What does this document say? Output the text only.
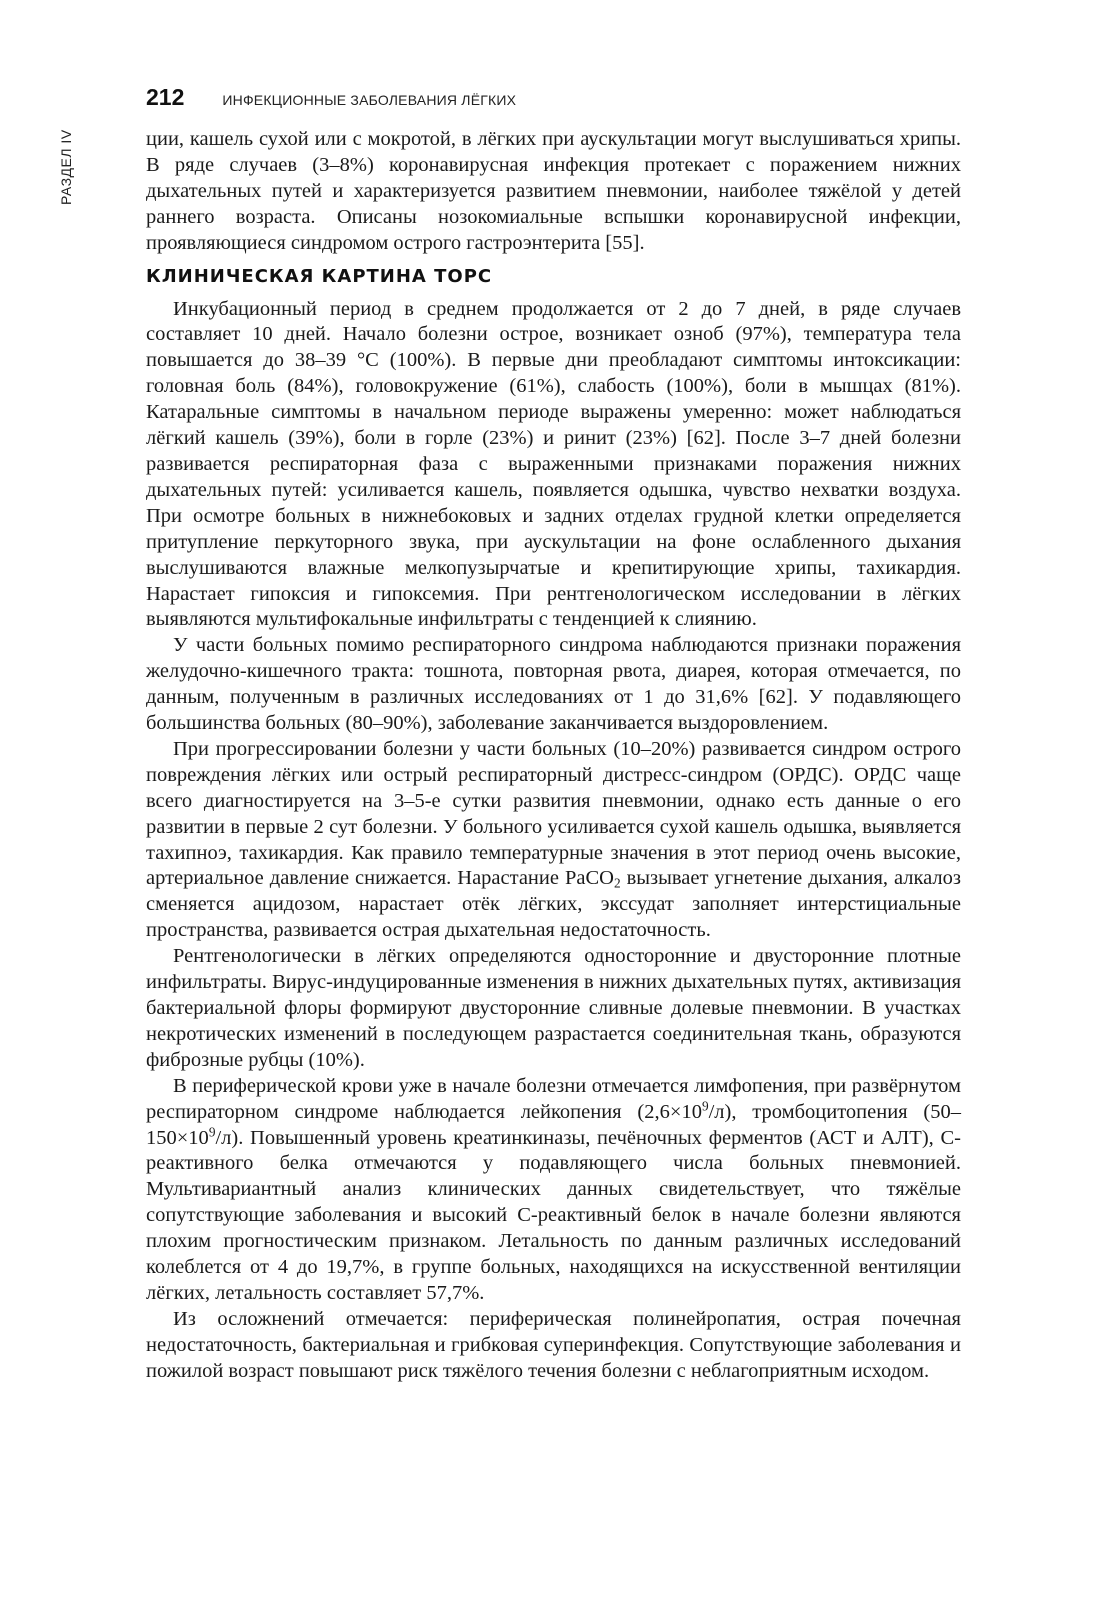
РАЗДЕЛ IV
212	ИНФЕКЦИОННЫЕ ЗАБОЛЕВАНИЯ ЛЁГКИХ

ции, кашель сухой или с мокротой, в лёгких при аускультации могут выслушиваться хрипы. В ряде случаев (3–8%) коронавирусная инфекция протекает с поражением нижних дыхательных путей и характеризуется развитием пневмонии, наиболее тяжёлой у детей раннего возраста. Описаны нозокомиальные вспышки коронавирусной инфекции, проявляющиеся синдромом острого гастроэнтерита [55].

КЛИНИЧЕСКАЯ КАРТИНА ТОРС

Инкубационный период в среднем продолжается от 2 до 7 дней, в ряде случаев составляет 10 дней. Начало болезни острое, возникает озноб (97%), температура тела повышается до 38–39 °C (100%). В первые дни преобладают симптомы интоксикации: головная боль (84%), головокружение (61%), слабость (100%), боли в мышцах (81%). Катаральные симптомы в начальном периоде выражены умеренно: может наблюдаться лёгкий кашель (39%), боли в горле (23%) и ринит (23%) [62]. После 3–7 дней болезни развивается респираторная фаза с выраженными признаками поражения нижних дыхательных путей: усиливается кашель, появляется одышка, чувство нехватки воздуха. При осмотре больных в нижнебоковых и задних отделах грудной клетки определяется притупление перкуторного звука, при аускультации на фоне ослабленного дыхания выслушиваются влажные мелкопузырчатые и крепитирующие хрипы, тахикардия. Нарастает гипоксия и гипоксемия. При рентгенологическом исследовании в лёгких выявляются мультифокальные инфильтраты с тенденцией к слиянию.

У части больных помимо респираторного синдрома наблюдаются признаки поражения желудочно-кишечного тракта: тошнота, повторная рвота, диарея, которая отмечается, по данным, полученным в различных исследованиях от 1 до 31,6% [62]. У подавляющего большинства больных (80–90%), заболевание заканчивается выздоровлением.

При прогрессировании болезни у части больных (10–20%) развивается синдром острого повреждения лёгких или острый респираторный дистресс-синдром (ОРДС). ОРДС чаще всего диагностируется на 3–5-е сутки развития пневмонии, однако есть данные о его развитии в первые 2 сут болезни. У больного усиливается сухой кашель одышка, выявляется тахипноэ, тахикардия. Как правило температурные значения в этот период очень высокие, артериальное давление снижается. Нарастание PaCO$_2$ вызывает угнетение дыхания, алкалоз сменяется ацидозом, нарастает отёк лёгких, экссудат заполняет интерстициальные пространства, развивается острая дыхательная недостаточность.

Рентгенологически в лёгких определяются односторонние и двусторонние плотные инфильтраты. Вирус-индуцированные изменения в нижних дыхательных путях, активизация бактериальной флоры формируют двусторонние сливные долевые пневмонии. В участках некротических изменений в последующем разрастается соединительная ткань, образуются фиброзные рубцы (10%).

В периферической крови уже в начале болезни отмечается лимфопения, при развёрнутом респираторном синдроме наблюдается лейкопения $(2,6\times 10^9/л)$, тромбоцитопения $(50-150\times 10^9/л)$. Повышенный уровень креатинкиназы, печёночных ферментов (АСТ и АЛТ), С-реактивного белка отмечаются у подавляющего числа больных пневмонией. Мультивариантный анализ клинических данных свидетельствует, что тяжёлые сопутствующие заболевания и высокий С-реактивный белок в начале болезни являются плохим прогностическим признаком. Летальность по данным различных исследований колеблется от 4 до 19,7%, в группе больных, находящихся на искусственной вентиляции лёгких, летальность составляет 57,7%.

Из осложнений отмечается: периферическая полинейропатия, острая почечная недостаточность, бактериальная и грибковая суперинфекция. Сопутствующие заболевания и пожилой возраст повышают риск тяжёлого течения болезни с неблагоприятным исходом.
